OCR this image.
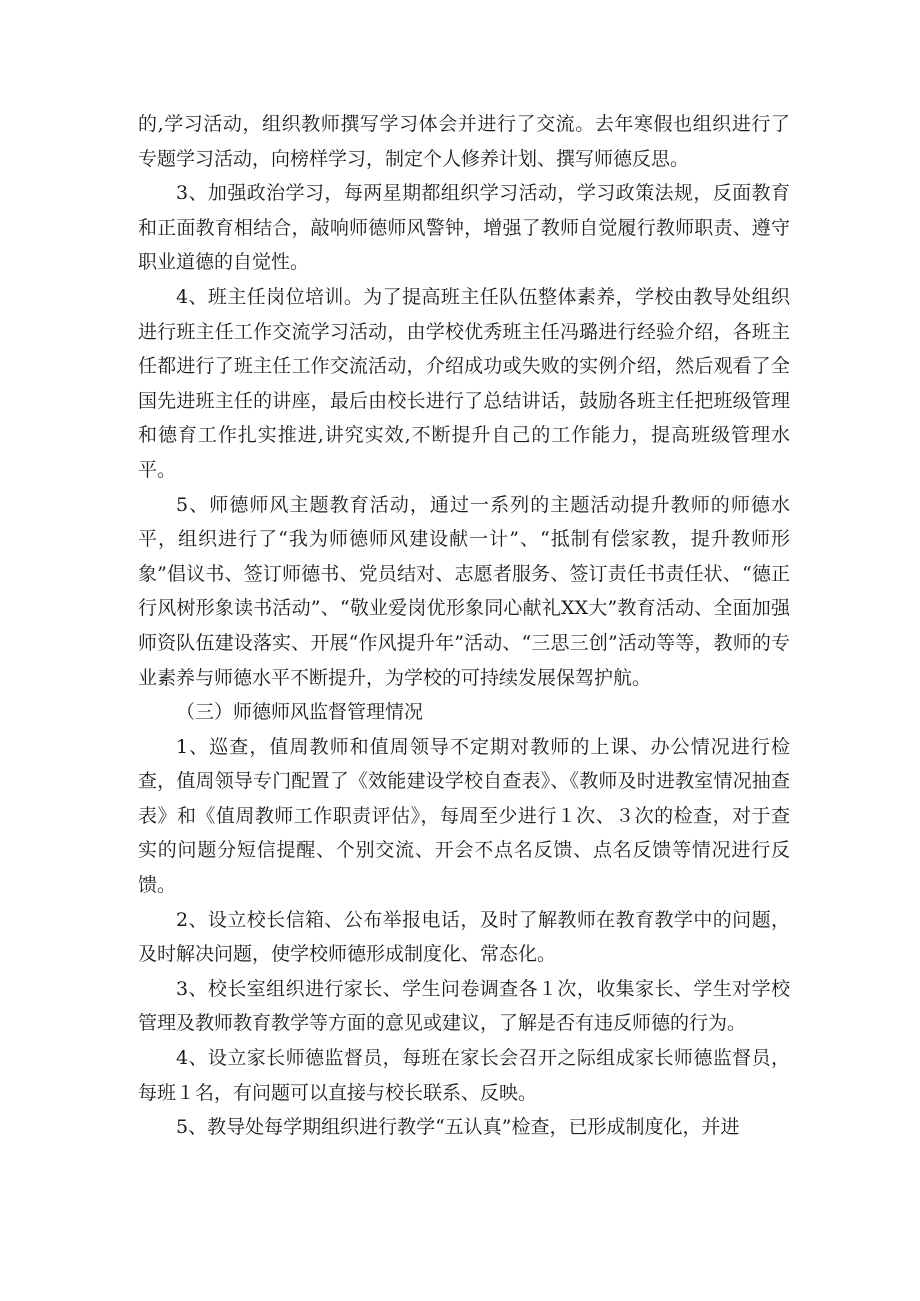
的,学习活动，组织教师撰写学习体会并进行了交流。去年寒假也组织进行了专题学习活动，向榜样学习，制定个人修养计划、撰写师德反思。

3、加强政治学习，每两星期都组织学习活动，学习政策法规，反面教育和正面教育相结合，敲响师德师风警钟，增强了教师自觉履行教师职责、遵守职业道德的自觉性。

4、班主任岗位培训。为了提高班主任队伍整体素养，学校由教导处组织进行班主任工作交流学习活动，由学校优秀班主任冯璐进行经验介绍，各班主任都进行了班主任工作交流活动，介绍成功或失败的实例介绍，然后观看了全国先进班主任的讲座，最后由校长进行了总结讲话，鼓励各班主任把班级管理和德育工作扎实推进,讲究实效,不断提升自己的工作能力，提高班级管理水平。

5、师德师风主题教育活动，通过一系列的主题活动提升教师的师德水平，组织进行了“我为师德师风建设献一计”、“抵制有偿家教，提升教师形象”倡议书、签订师德书、党员结对、志愿者服务、签订责任书责任状、“德正行风树形象读书活动”、“敬业爱岗优形象同心献礼XX大”教育活动、全面加强师资队伍建设落实、开展“作风提升年”活动、“三思三创”活动等等，教师的专业素养与师德水平不断提升，为学校的可持续发展保驾护航。

（三）师德师风监督管理情况

1、巡查，值周教师和值周领导不定期对教师的上课、办公情况进行检查，值周领导专门配置了《效能建设学校自查表》、《教师及时进教室情况抽查表》和《值周教师工作职责评估》，每周至少进行１次、３次的检查，对于查实的问题分短信提醒、个别交流、开会不点名反馈、点名反馈等情况进行反馈。

2、设立校长信箱、公布举报电话，及时了解教师在教育教学中的问题，及时解决问题，使学校师德形成制度化、常态化。

3、校长室组织进行家长、学生问卷调查各１次，收集家长、学生对学校管理及教师教育教学等方面的意见或建议，了解是否有违反师德的行为。

4、设立家长师德监督员，每班在家长会召开之际组成家长师德监督员，每班１名，有问题可以直接与校长联系、反映。

5、教导处每学期组织进行教学“五认真”检查，已形成制度化，并进
